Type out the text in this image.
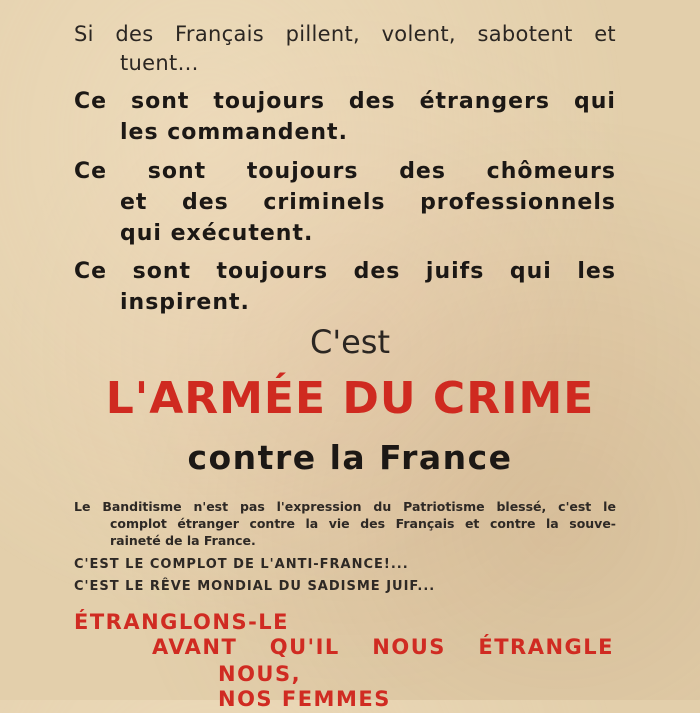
Si des Français pillent, volent, sabotent et
tuent…
Ce sont toujours des étrangers qui
les commandent.
Ce sont toujours des chômeurs
et des criminels professionnels
qui exécutent.
Ce sont toujours des juifs qui les
inspirent.
C'est
L'ARMÉE DU CRIME
contre la France
Le Banditisme n'est pas l'expression du Patriotisme blessé, c'est le
complot étranger contre la vie des Français et contre la souve-
raineté de la France.
C'EST LE COMPLOT DE L'ANTI-FRANCE!...
C'EST LE RÊVE MONDIAL DU SADISME JUIF...
ÉTRANGLONS-LE
AVANT QU'IL NOUS ÉTRANGLE
NOUS,
NOS FEMMES
